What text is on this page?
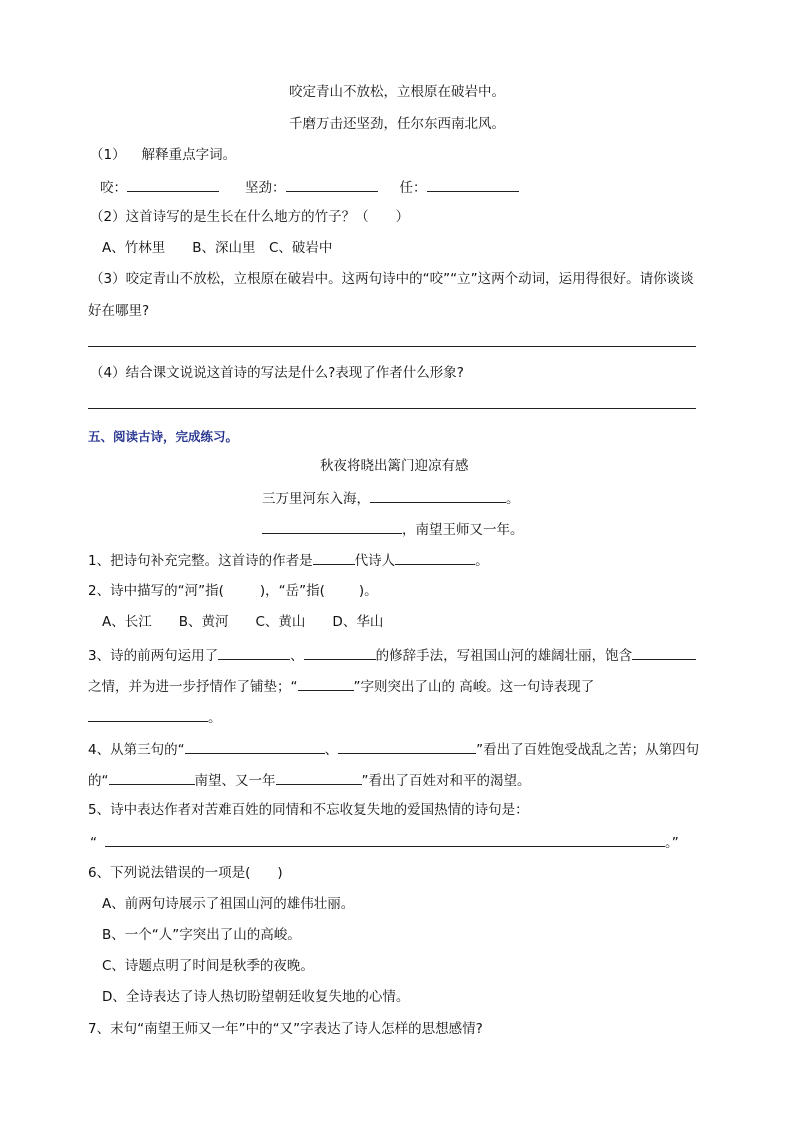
咬定青山不放松，立根原在破岩中。
千磨万击还坚劲，任尔东西南北风。
（1） 解释重点字词。
咬：	坚劲：	任：
（2）这首诗写的是生长在什么地方的竹子？（　　）
A、竹林里　　B、深山里　C、破岩中
（3）咬定青山不放松，立根原在破岩中。这两句诗中的“咬”“立”这两个动词，运用得很好。请你谈谈
好在哪里?
（4）结合课文说说这首诗的写法是什么?表现了作者什么形象?
五、阅读古诗，完成练习。
秋夜将晓出篱门迎凉有感
三万里河东入海，	。
，南望王师又一年。
1、把诗句补充完整。这首诗的作者是	代诗人	。
2、诗中描写的“河”指(	)，“岳”指(	)。
A、长江　　B、黄河　　C、黄山　　D、华山
3、诗的前两句运用了	、	的修辞手法，写祖国山河的雄阔壮丽，饱含
之情，并为进一步抒情作了铺垫；“	”字则突出了山的 高峻。这一句诗表现了
。
4、从第三句的“	、	”看出了百姓饱受战乱之苦；从第四句
的“	南望、又一年	”看出了百姓对和平的渴望。
5、诗中表达作者对苦难百姓的同情和不忘收复失地的爱国热情的诗句是：
“	。”
6、下列说法错误的一项是(　　)
A、前两句诗展示了祖国山河的雄伟壮丽。
B、一个“人”字突出了山的高峻。
C、诗题点明了时间是秋季的夜晚。
D、全诗表达了诗人热切盼望朝廷收复失地的心情。
7、末句“南望王师又一年”中的“又”字表达了诗人怎样的思想感情?
